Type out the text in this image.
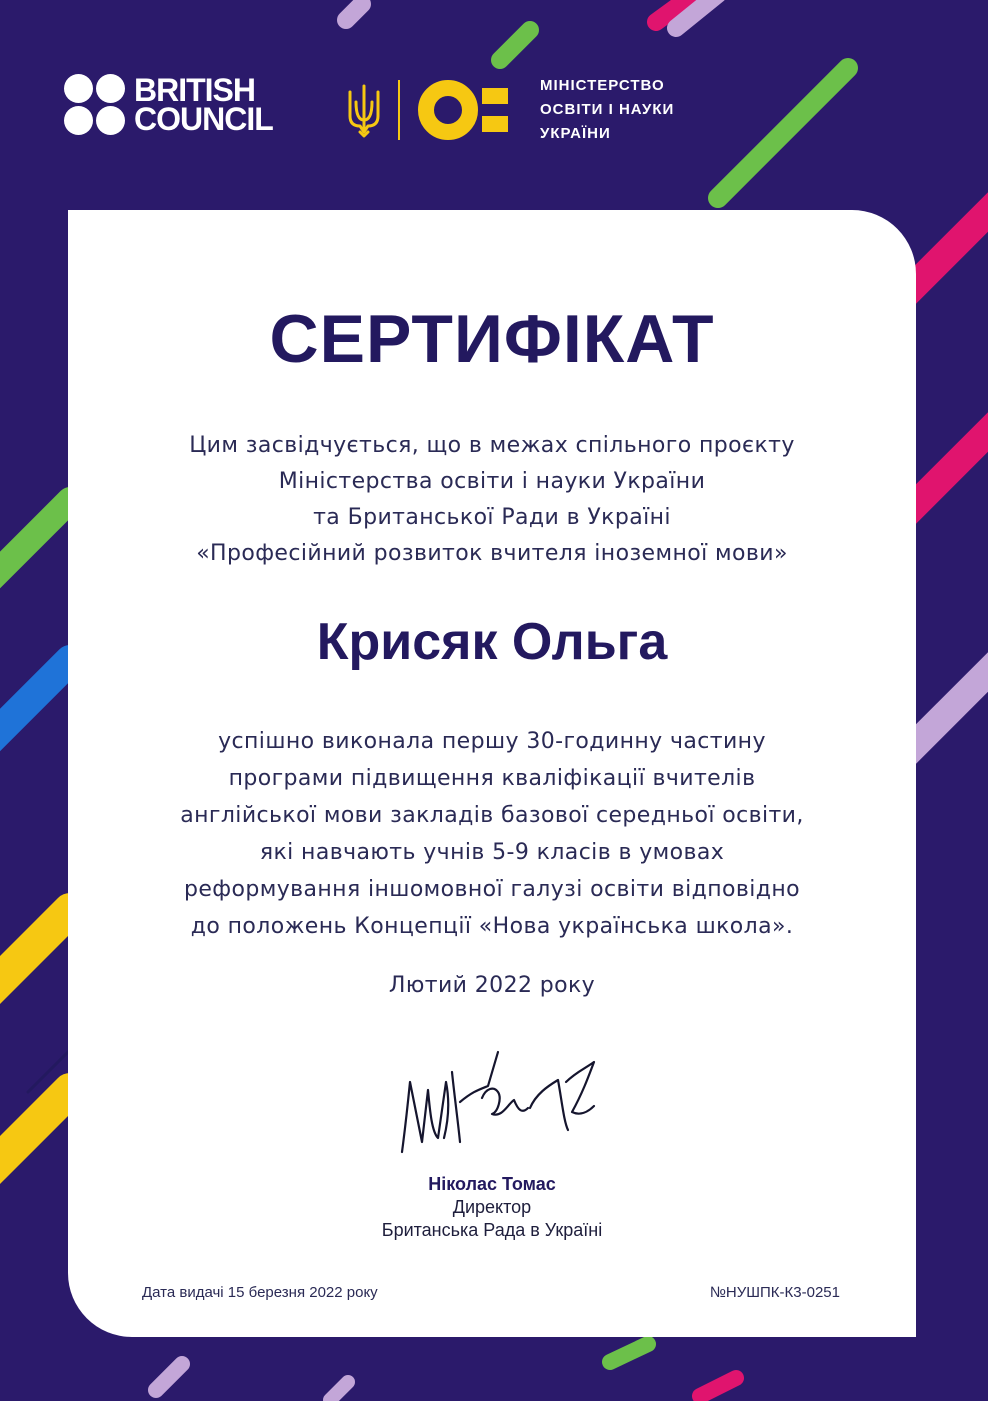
BRITISH
COUNCIL
МІНІСТЕРСТВО
ОСВІТИ І НАУКИ
УКРАЇНИ
СЕРТИФІКАТ
Цим засвідчується, що в межах спільного проєкту
Міністерства освіти і науки України
та Британської Ради в Україні
«Професійний розвиток вчителя іноземної мови»
Крисяк Ольга
успішно виконала першу 30-годинну частину
програми підвищення кваліфікації вчителів
англійської мови закладів базової середньої освіти,
які навчають учнів 5-9 класів в умовах
реформування іншомовної галузі освіти відповідно
до положень Концепції «Нова українська школа».
Лютий 2022 року
Ніколас Томас
Директор
Британська Рада в Україні
Дата видачі 15 березня 2022 року	№НУШПК-К3-0251
